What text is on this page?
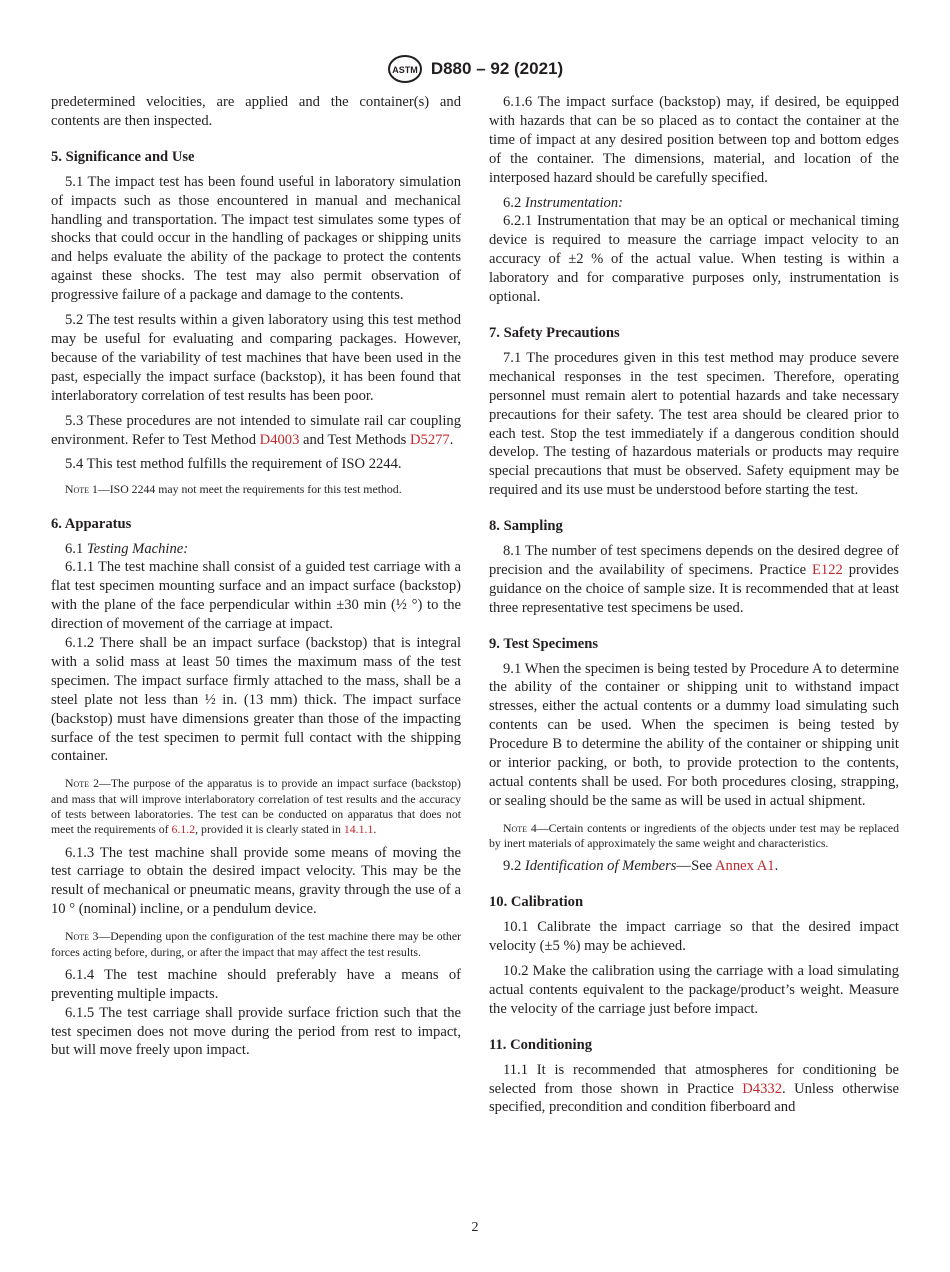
ASTM D880 – 92 (2021)

predetermined velocities, are applied and the container(s) and contents are then inspected.

5. Significance and Use

5.1 The impact test has been found useful in laboratory simulation of impacts such as those encountered in manual and mechanical handling and transportation. The impact test simulates some types of shocks that could occur in the handling of packages or shipping units and helps evaluate the ability of the package to protect the contents against these shocks. The test may also permit observation of progressive failure of a package and damage to the contents.

5.2 The test results within a given laboratory using this test method may be useful for evaluating and comparing packages. However, because of the variability of test machines that have been used in the past, especially the impact surface (backstop), it has been found that interlaboratory correlation of test results has been poor.

5.3 These procedures are not intended to simulate rail car coupling environment. Refer to Test Method D4003 and Test Methods D5277.

5.4 This test method fulfills the requirement of ISO 2244.

Note 1—ISO 2244 may not meet the requirements for this test method.

6. Apparatus

6.1 Testing Machine:

6.1.1 The test machine shall consist of a guided test carriage with a flat test specimen mounting surface and an impact surface (backstop) with the plane of the face perpendicular within ±30 min (½ °) to the direction of movement of the carriage at impact.

6.1.2 There shall be an impact surface (backstop) that is integral with a solid mass at least 50 times the maximum mass of the test specimen. The impact surface firmly attached to the mass, shall be a steel plate not less than ½ in. (13 mm) thick. The impact surface (backstop) must have dimensions greater than those of the impacting surface of the test specimen to permit full contact with the shipping container.

Note 2—The purpose of the apparatus is to provide an impact surface (backstop) and mass that will improve interlaboratory correlation of test results and the accuracy of tests between laboratories. The test can be conducted on apparatus that does not meet the requirements of 6.1.2, provided it is clearly stated in 14.1.1.

6.1.3 The test machine shall provide some means of moving the test carriage to obtain the desired impact velocity. This may be the result of mechanical or pneumatic means, gravity through the use of a 10 ° (nominal) incline, or a pendulum device.

Note 3—Depending upon the configuration of the test machine there may be other forces acting before, during, or after the impact that may affect the test results.

6.1.4 The test machine should preferably have a means of preventing multiple impacts.

6.1.5 The test carriage shall provide surface friction such that the test specimen does not move during the period from rest to impact, but will move freely upon impact.

6.1.6 The impact surface (backstop) may, if desired, be equipped with hazards that can be so placed as to contact the container at the time of impact at any desired position between top and bottom edges of the container. The dimensions, material, and location of the interposed hazard should be carefully specified.

6.2 Instrumentation:

6.2.1 Instrumentation that may be an optical or mechanical timing device is required to measure the carriage impact velocity to an accuracy of ±2 % of the actual value. When testing is within a laboratory and for comparative purposes only, instrumentation is optional.

7. Safety Precautions

7.1 The procedures given in this test method may produce severe mechanical responses in the test specimen. Therefore, operating personnel must remain alert to potential hazards and take necessary precautions for their safety. The test area should be cleared prior to each test. Stop the test immediately if a dangerous condition should develop. The testing of hazardous materials or products may require special precautions that must be observed. Safety equipment may be required and its use must be understood before starting the test.

8. Sampling

8.1 The number of test specimens depends on the desired degree of precision and the availability of specimens. Practice E122 provides guidance on the choice of sample size. It is recommended that at least three representative test specimens be used.

9. Test Specimens

9.1 When the specimen is being tested by Procedure A to determine the ability of the container or shipping unit to withstand impact stresses, either the actual contents or a dummy load simulating such contents can be used. When the specimen is being tested by Procedure B to determine the ability of the container or shipping unit or interior packing, or both, to provide protection to the contents, actual contents shall be used. For both procedures closing, strapping, or sealing should be the same as will be used in actual shipment.

Note 4—Certain contents or ingredients of the objects under test may be replaced by inert materials of approximately the same weight and characteristics.

9.2 Identification of Members—See Annex A1.

10. Calibration

10.1 Calibrate the impact carriage so that the desired impact velocity (±5 %) may be achieved.

10.2 Make the calibration using the carriage with a load simulating actual contents equivalent to the package/product’s weight. Measure the velocity of the carriage just before impact.

11. Conditioning

11.1 It is recommended that atmospheres for conditioning be selected from those shown in Practice D4332. Unless otherwise specified, precondition and condition fiberboard and

2
